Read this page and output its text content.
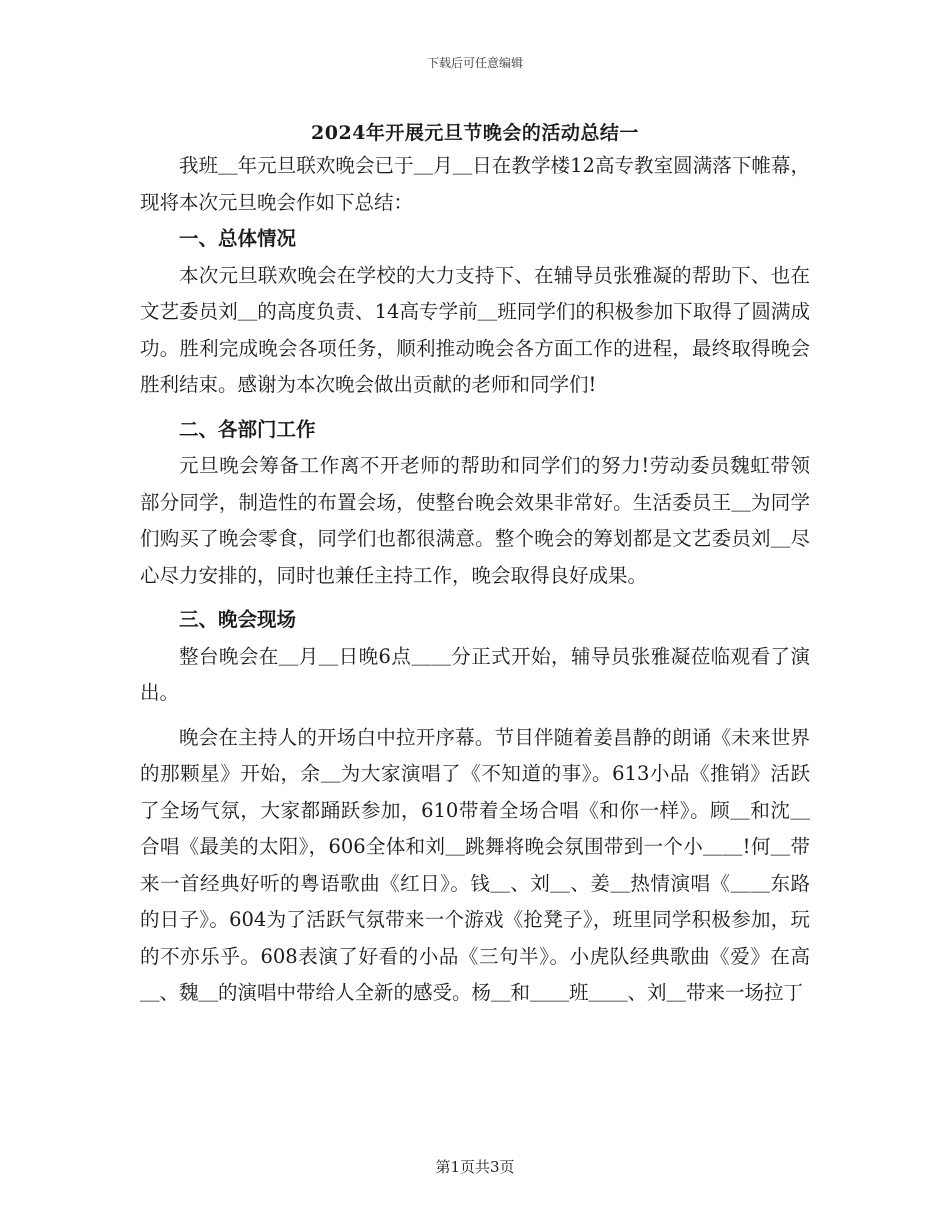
下载后可任意编辑
2024年开展元旦节晚会的活动总结一

我班＿年元旦联欢晚会已于＿月＿日在教学楼12高专教室圆满落下帷幕，现将本次元旦晚会作如下总结：

一、总体情况

本次元旦联欢晚会在学校的大力支持下、在辅导员张雅凝的帮助下、也在文艺委员刘＿的高度负责、14高专学前＿班同学们的积极参加下取得了圆满成功。胜利完成晚会各项任务，顺利推动晚会各方面工作的进程，最终取得晚会胜利结束。感谢为本次晚会做出贡献的老师和同学们!

二、各部门工作

元旦晚会筹备工作离不开老师的帮助和同学们的努力!劳动委员魏虹带领部分同学，制造性的布置会场，使整台晚会效果非常好。生活委员王＿为同学们购买了晚会零食，同学们也都很满意。整个晚会的筹划都是文艺委员刘＿尽心尽力安排的，同时也兼任主持工作，晚会取得良好成果。

三、晚会现场

整台晚会在＿月＿日晚6点＿＿分正式开始，辅导员张雅凝莅临观看了演出。

晚会在主持人的开场白中拉开序幕。节目伴随着姜昌静的朗诵《未来世界的那颗星》开始，余＿为大家演唱了《不知道的事》。613小品《推销》活跃了全场气氛，大家都踊跃参加，610带着全场合唱《和你一样》。顾＿和沈＿合唱《最美的太阳》，606全体和刘＿跳舞将晚会氛围带到一个小＿＿!何＿带来一首经典好听的粤语歌曲《红日》。钱＿、刘＿、姜＿热情演唱《＿＿东路的日子》。604为了活跃气氛带来一个游戏《抢凳子》，班里同学积极参加，玩的不亦乐乎。608表演了好看的小品《三句半》。小虎队经典歌曲《爱》在高＿、魏＿的演唱中带给人全新的感受。杨＿和＿＿班＿＿、刘＿带来一场拉丁

第1页共3页
